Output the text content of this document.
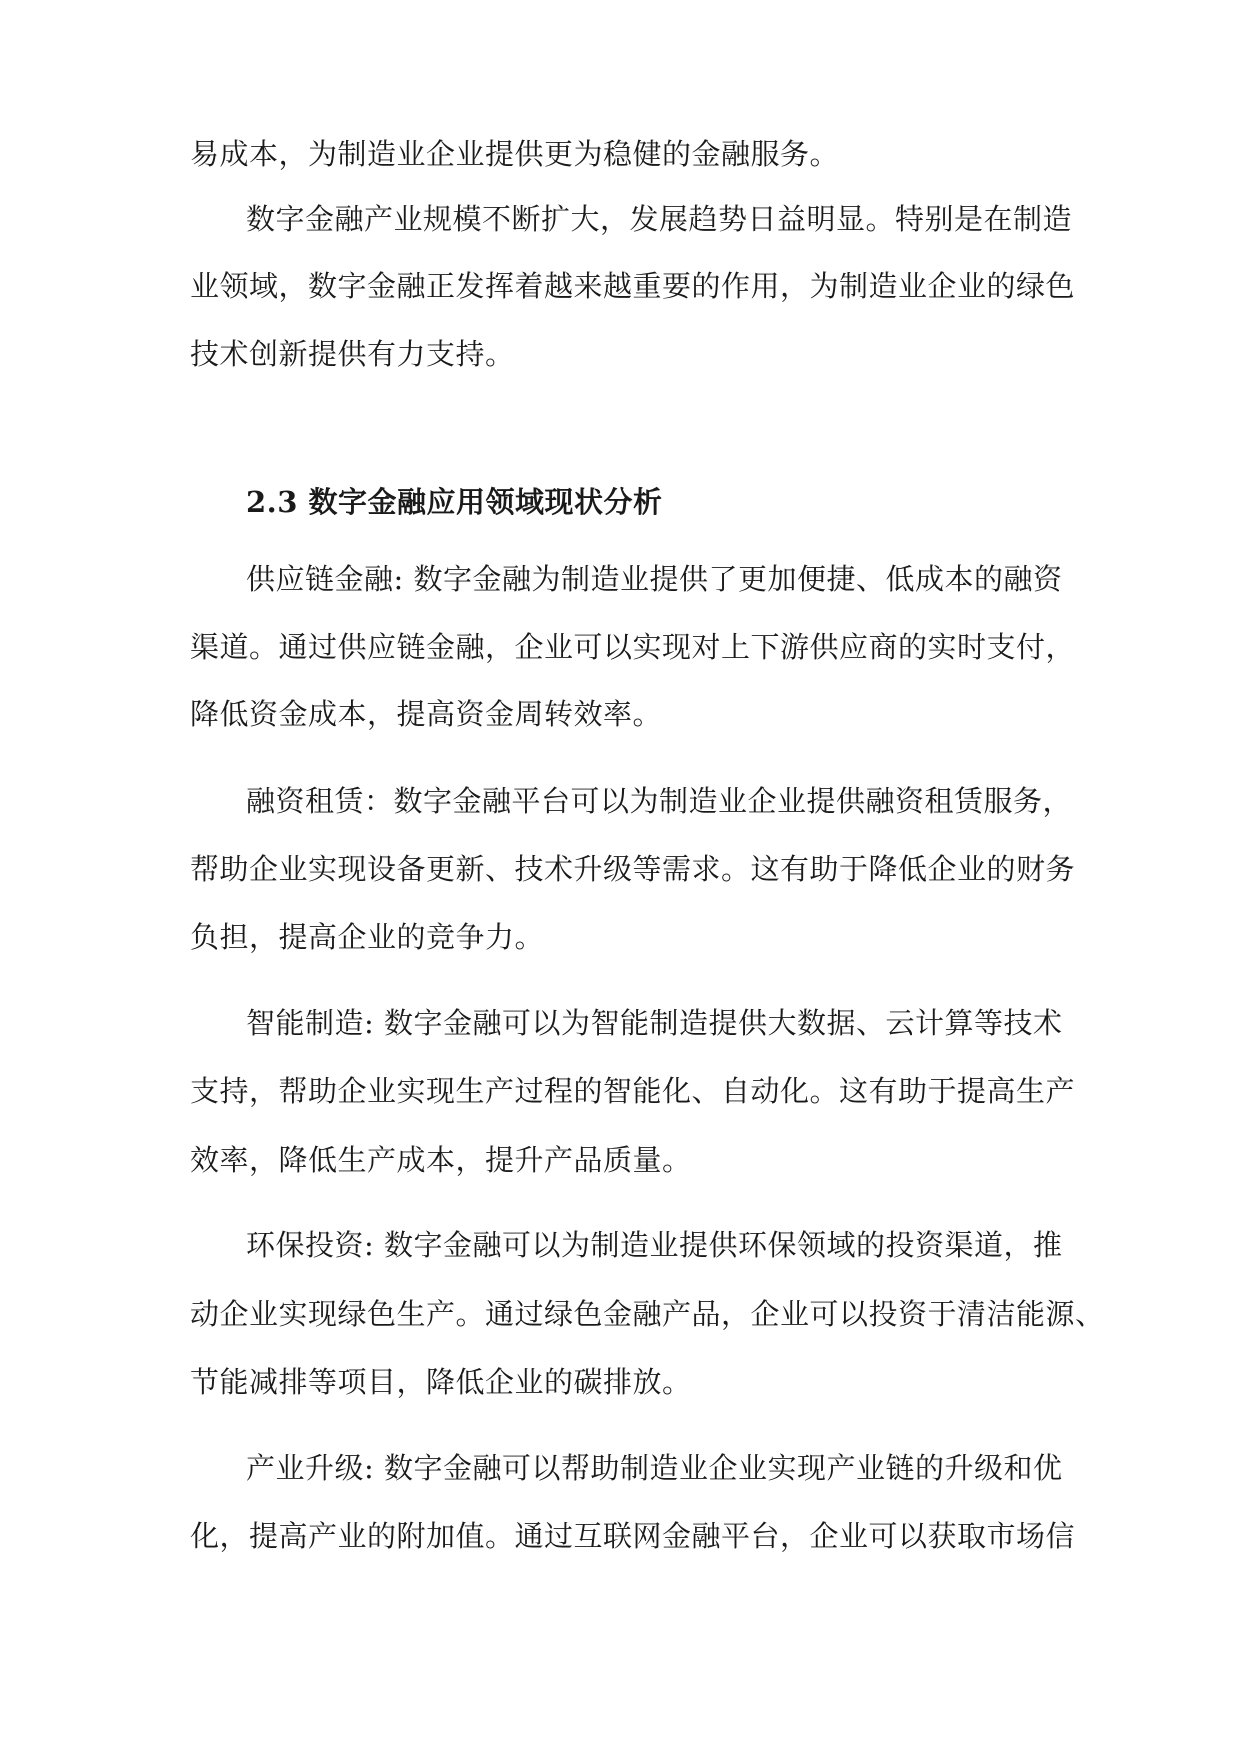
易成本，为制造业企业提供更为稳健的金融服务。
数字金融产业规模不断扩大，发展趋势日益明显。特别是在制造
业领域，数字金融正发挥着越来越重要的作用，为制造业企业的绿色
技术创新提供有力支持。
2.3 数字金融应用领域现状分析
供应链金融: 数字金融为制造业提供了更加便捷、低成本的融资
渠道。通过供应链金融，企业可以实现对上下游供应商的实时支付，
降低资金成本，提高资金周转效率。
融资租赁：数字金融平台可以为制造业企业提供融资租赁服务，
帮助企业实现设备更新、技术升级等需求。这有助于降低企业的财务
负担，提高企业的竞争力。
智能制造: 数字金融可以为智能制造提供大数据、云计算等技术
支持，帮助企业实现生产过程的智能化、自动化。这有助于提高生产
效率，降低生产成本，提升产品质量。
环保投资: 数字金融可以为制造业提供环保领域的投资渠道，推
动企业实现绿色生产。通过绿色金融产品，企业可以投资于清洁能源、
节能减排等项目，降低企业的碳排放。
产业升级: 数字金融可以帮助制造业企业实现产业链的升级和优
化，提高产业的附加值。通过互联网金融平台，企业可以获取市场信
